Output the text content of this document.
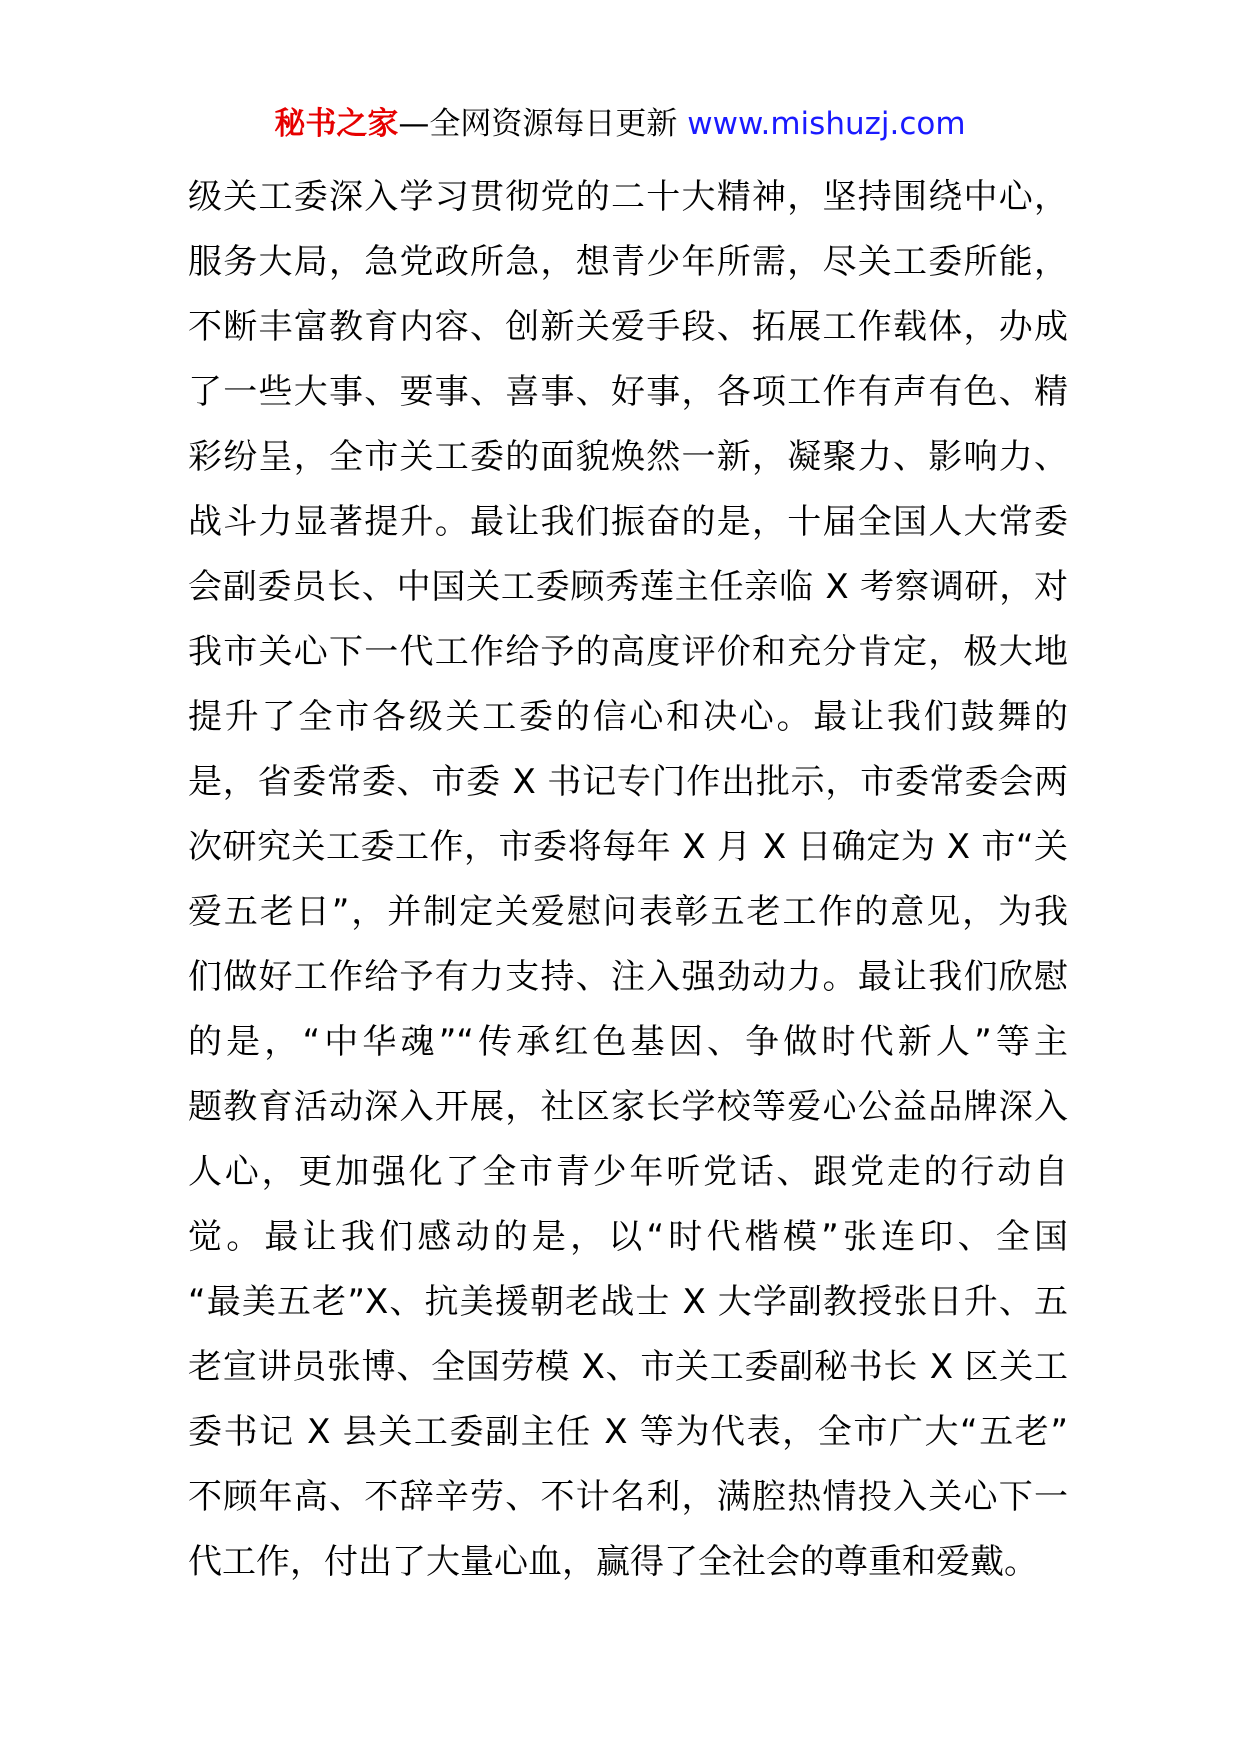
秘书之家—全网资源每日更新 www.mishuzj.com
级关工委深入学习贯彻党的二十大精神，坚持围绕中心，
服务大局，急党政所急，想青少年所需，尽关工委所能，
不断丰富教育内容、创新关爱手段、拓展工作载体，办成
了一些大事、要事、喜事、好事，各项工作有声有色、精
彩纷呈，全市关工委的面貌焕然一新，凝聚力、影响力、
战斗力显著提升。最让我们振奋的是，十届全国人大常委
会副委员长、中国关工委顾秀莲主任亲临 X 考察调研，对
我市关心下一代工作给予的高度评价和充分肯定，极大地
提升了全市各级关工委的信心和决心。最让我们鼓舞的
是，省委常委、市委 X 书记专门作出批示，市委常委会两
次研究关工委工作，市委将每年 X 月 X 日确定为 X 市“关
爱五老日”，并制定关爱慰问表彰五老工作的意见，为我
们做好工作给予有力支持、注入强劲动力。最让我们欣慰
的是，“中华魂”“传承红色基因、争做时代新人”等主
题教育活动深入开展，社区家长学校等爱心公益品牌深入
人心，更加强化了全市青少年听党话、跟党走的行动自
觉。最让我们感动的是，以“时代楷模”张连印、全国
“最美五老”X、抗美援朝老战士 X 大学副教授张日升、五
老宣讲员张博、全国劳模 X、市关工委副秘书长 X 区关工
委书记 X 县关工委副主任 X 等为代表，全市广大“五老”
不顾年高、不辞辛劳、不计名利，满腔热情投入关心下一
代工作，付出了大量心血，赢得了全社会的尊重和爱戴。
